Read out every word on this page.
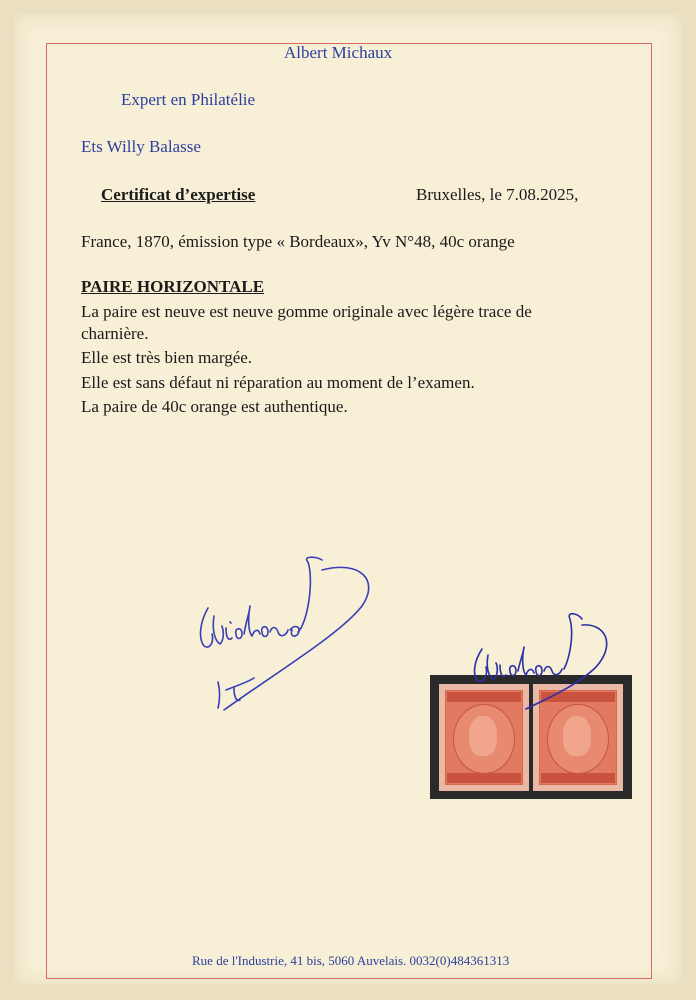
Albert Michaux
Expert en Philatélie
Ets Willy Balasse
Certificat d’expertise	Bruxelles, le 7.08.2025,
France, 1870, émission type « Bordeaux», Yv N°48, 40c orange
PAIRE HORIZONTALE
La paire est neuve est neuve gomme originale avec légère trace de
charnière.
Elle est très bien margée.
Elle est sans défaut ni réparation au moment de l’examen.
La paire de 40c orange est authentique.
Rue de l'Industrie, 41 bis, 5060 Auvelais. 0032(0)484361313
